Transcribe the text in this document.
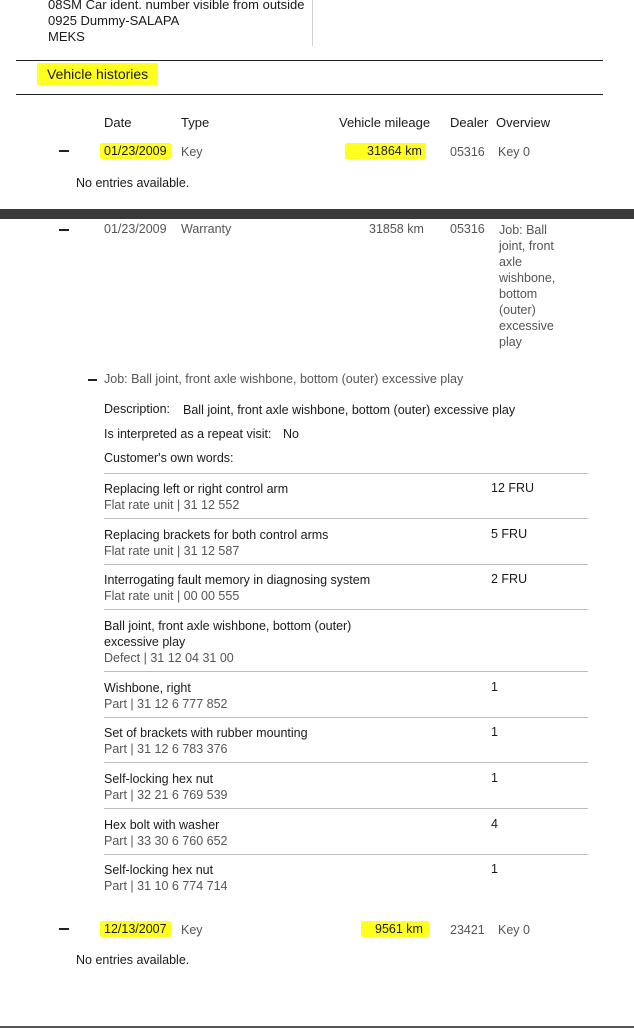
08SM Car ident. number visible from outside
0925 Dummy-SALAPA
MEKS
Vehicle histories
Date	Type	Vehicle mileage Dealer Overview
01/23/2009	Key	31864 km	05316 Key 0
No entries available.
01/23/2009 Warranty	31858 km 05316 Job: Ball
joint, front
axle
wishbone,
bottom
(outer)
excessive
play
Job: Ball joint, front axle wishbone, bottom (outer) excessive play
Description: Ball joint, front axle wishbone, bottom (outer) excessive play
Is interpreted as a repeat visit: No
Customer's own words:
Replacing left or right control arm
Flat rate unit | 31 12 552
12 FRU
Replacing brackets for both control arms
Flat rate unit | 31 12 587
5 FRU
Interrogating fault memory in diagnosing system
Flat rate unit | 00 00 555
2 FRU
Ball joint, front axle wishbone, bottom (outer)
excessive play
Defect | 31 12 04 31 00
Wishbone, right
Part | 31 12 6 777 852
1
Set of brackets with rubber mounting
Part | 31 12 6 783 376
1
Self-locking hex nut
Part | 32 21 6 769 539
1
Hex bolt with washer
Part | 33 30 6 760 652
4
Self-locking hex nut
Part | 31 10 6 774 714
1
12/13/2007	Key	9561 km	23421 Key 0
No entries available.
